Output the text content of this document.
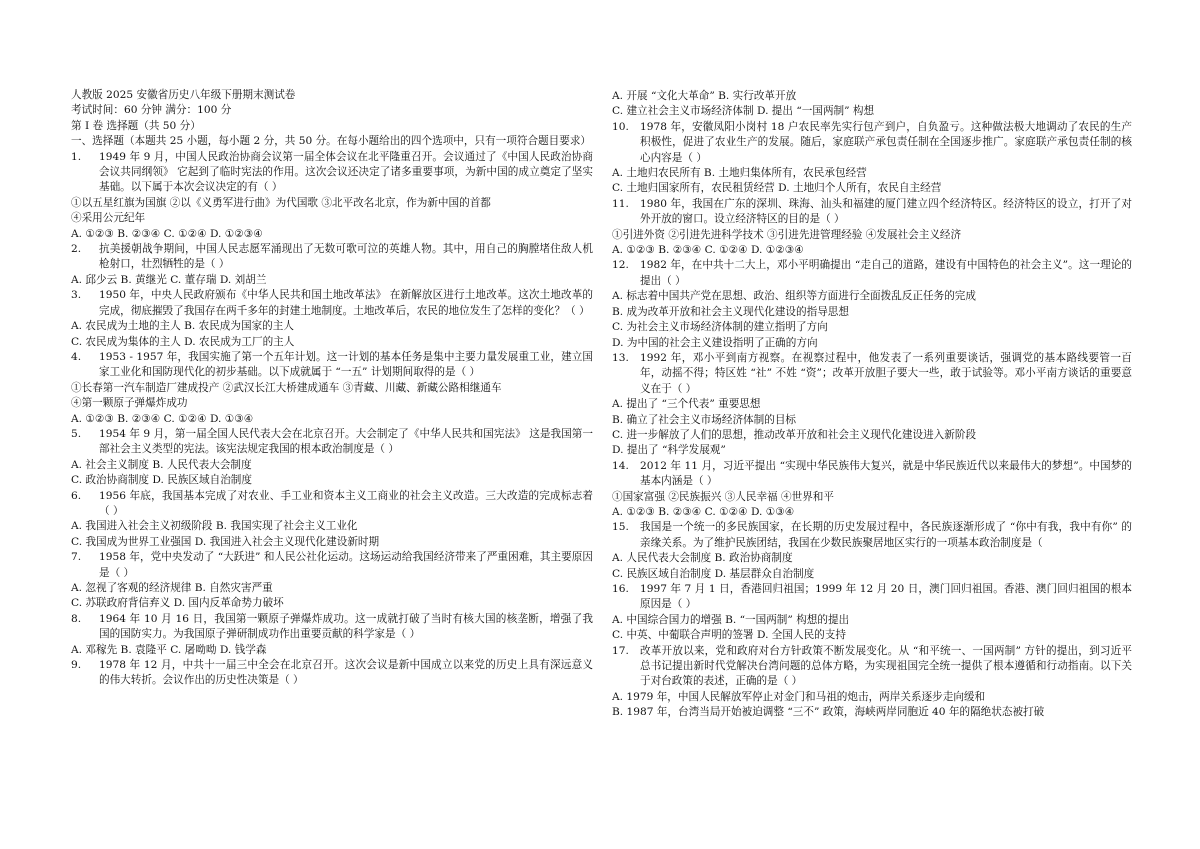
人教版 2025 安徽省历史八年级下册期末测试卷
考试时间：60 分钟 满分：100 分
第 Ⅰ 卷 选择题（共 50 分）
一、选择题（本题共 25 小题，每小题 2 分，共 50 分。在每小题给出的四个选项中，只有一项符合题目要求）
1.	1949 年 9 月，中国人民政治协商会议第一届全体会议在北平隆重召开。会议通过了《中国人民政治协商会议共同纲领》 它起到了临时宪法的作用。这次会议还决定了诸多重要事项，为新中国的成立奠定了坚实基础。以下属于本次会议决定的有（ ）
①以五星红旗为国旗 ②以《义勇军进行曲》为代国歌 ③北平改名北京，作为新中国的首都
④采用公元纪年
A. ①②③ B. ②③④ C. ①②④ D. ①②③④
2.	抗美援朝战争期间，中国人民志愿军涌现出了无数可歌可泣的英雄人物。其中，用自己的胸膛堵住敌人机枪射口，壮烈牺牲的是（ ）
A. 邱少云 B. 黄继光 C. 董存瑞 D. 刘胡兰
3.	1950 年，中央人民政府颁布《中华人民共和国土地改革法》 在新解放区进行土地改革。这次土地改革的完成，彻底摧毁了我国存在两千多年的封建土地制度。土地改革后，农民的地位发生了怎样的变化？（ ）
A. 农民成为土地的主人 B. 农民成为国家的主人
C. 农民成为集体的主人 D. 农民成为工厂的主人
4.	1953 - 1957 年，我国实施了第一个五年计划。这一计划的基本任务是集中主要力量发展重工业，建立国家工业化和国防现代化的初步基础。以下成就属于 “一五” 计划期间取得的是（ ）
①长春第一汽车制造厂建成投产 ②武汉长江大桥建成通车 ③青藏、川藏、新藏公路相继通车
④第一颗原子弹爆炸成功
A. ①②③ B. ②③④ C. ①②④ D. ①③④
5.	1954 年 9 月，第一届全国人民代表大会在北京召开。大会制定了《中华人民共和国宪法》 这是我国第一部社会主义类型的宪法。该宪法规定我国的根本政治制度是（ ）
A. 社会主义制度 B. 人民代表大会制度
C. 政治协商制度 D. 民族区域自治制度
6.	1956 年底，我国基本完成了对农业、手工业和资本主义工商业的社会主义改造。三大改造的完成标志着（ ）
A. 我国进入社会主义初级阶段 B. 我国实现了社会主义工业化
C. 我国成为世界工业强国 D. 我国进入社会主义现代化建设新时期
7.	1958 年，党中央发动了 “大跃进” 和人民公社化运动。这场运动给我国经济带来了严重困难，其主要原因是（ ）
A. 忽视了客观的经济规律 B. 自然灾害严重
C. 苏联政府背信弃义 D. 国内反革命势力破坏
8.	1964 年 10 月 16 日，我国第一颗原子弹爆炸成功。这一成就打破了当时有核大国的核垄断，增强了我国的国防实力。为我国原子弹研制成功作出重要贡献的科学家是（ ）
A. 邓稼先 B. 袁隆平 C. 屠呦呦 D. 钱学森
9.	1978 年 12 月，中共十一届三中全会在北京召开。这次会议是新中国成立以来党的历史上具有深远意义的伟大转折。会议作出的历史性决策是（ ）
A. 开展 “文化大革命” B. 实行改革开放
C. 建立社会主义市场经济体制 D. 提出 “一国两制” 构想
10.	1978 年，安徽凤阳小岗村 18 户农民率先实行包产到户，自负盈亏。这种做法极大地调动了农民的生产积极性，促进了农业生产的发展。随后，家庭联产承包责任制在全国逐步推广。家庭联产承包责任制的核心内容是（ ）
A. 土地归农民所有 B. 土地归集体所有，农民承包经营
C. 土地归国家所有，农民租赁经营 D. 土地归个人所有，农民自主经营
11.	1980 年，我国在广东的深圳、珠海、汕头和福建的厦门建立四个经济特区。经济特区的设立，打开了对外开放的窗口。设立经济特区的目的是（ ）
①引进外资 ②引进先进科学技术 ③引进先进管理经验 ④发展社会主义经济
A. ①②③ B. ②③④ C. ①②④ D. ①②③④
12.	1982 年，在中共十二大上，邓小平明确提出 “走自己的道路，建设有中国特色的社会主义”。这一理论的提出（ ）
A. 标志着中国共产党在思想、政治、组织等方面进行全面拨乱反正任务的完成
B. 成为改革开放和社会主义现代化建设的指导思想
C. 为社会主义市场经济体制的建立指明了方向
D. 为中国的社会主义建设指明了正确的方向
13.	1992 年，邓小平到南方视察。在视察过程中，他发表了一系列重要谈话，强调党的基本路线要管一百年，动摇不得；特区姓 “社” 不姓 “资”；改革开放胆子要大一些，敢于试验等。邓小平南方谈话的重要意义在于（ ）
A. 提出了 “三个代表” 重要思想
B. 确立了社会主义市场经济体制的目标
C. 进一步解放了人们的思想，推动改革开放和社会主义现代化建设进入新阶段
D. 提出了 “科学发展观”
14.	2012 年 11 月，习近平提出 “实现中华民族伟大复兴，就是中华民族近代以来最伟大的梦想”。中国梦的基本内涵是（ ）
①国家富强 ②民族振兴 ③人民幸福 ④世界和平
A. ①②③ B. ②③④ C. ①②④ D. ①③④
15.	我国是一个统一的多民族国家，在长期的历史发展过程中，各民族逐渐形成了 “你中有我，我中有你” 的亲缘关系。为了维护民族团结，我国在少数民族聚居地区实行的一项基本政治制度是（
A. 人民代表大会制度 B. 政治协商制度
C. 民族区域自治制度 D. 基层群众自治制度
16.	1997 年 7 月 1 日，香港回归祖国；1999 年 12 月 20 日，澳门回归祖国。香港、澳门回归祖国的根本原因是（ ）
A. 中国综合国力的增强 B. “一国两制” 构想的提出
C. 中英、中葡联合声明的签署 D. 全国人民的支持
17.	改革开放以来，党和政府对台方针政策不断发展变化。从 “和平统一、一国两制” 方针的提出，到习近平总书记提出新时代党解决台湾问题的总体方略，为实现祖国完全统一提供了根本遵循和行动指南。以下关于对台政策的表述，正确的是（ ）
A. 1979 年，中国人民解放军停止对金门和马祖的炮击，两岸关系逐步走向缓和
B. 1987 年，台湾当局开始被迫调整 “三不” 政策，海峡两岸同胞近 40 年的隔绝状态被打破
